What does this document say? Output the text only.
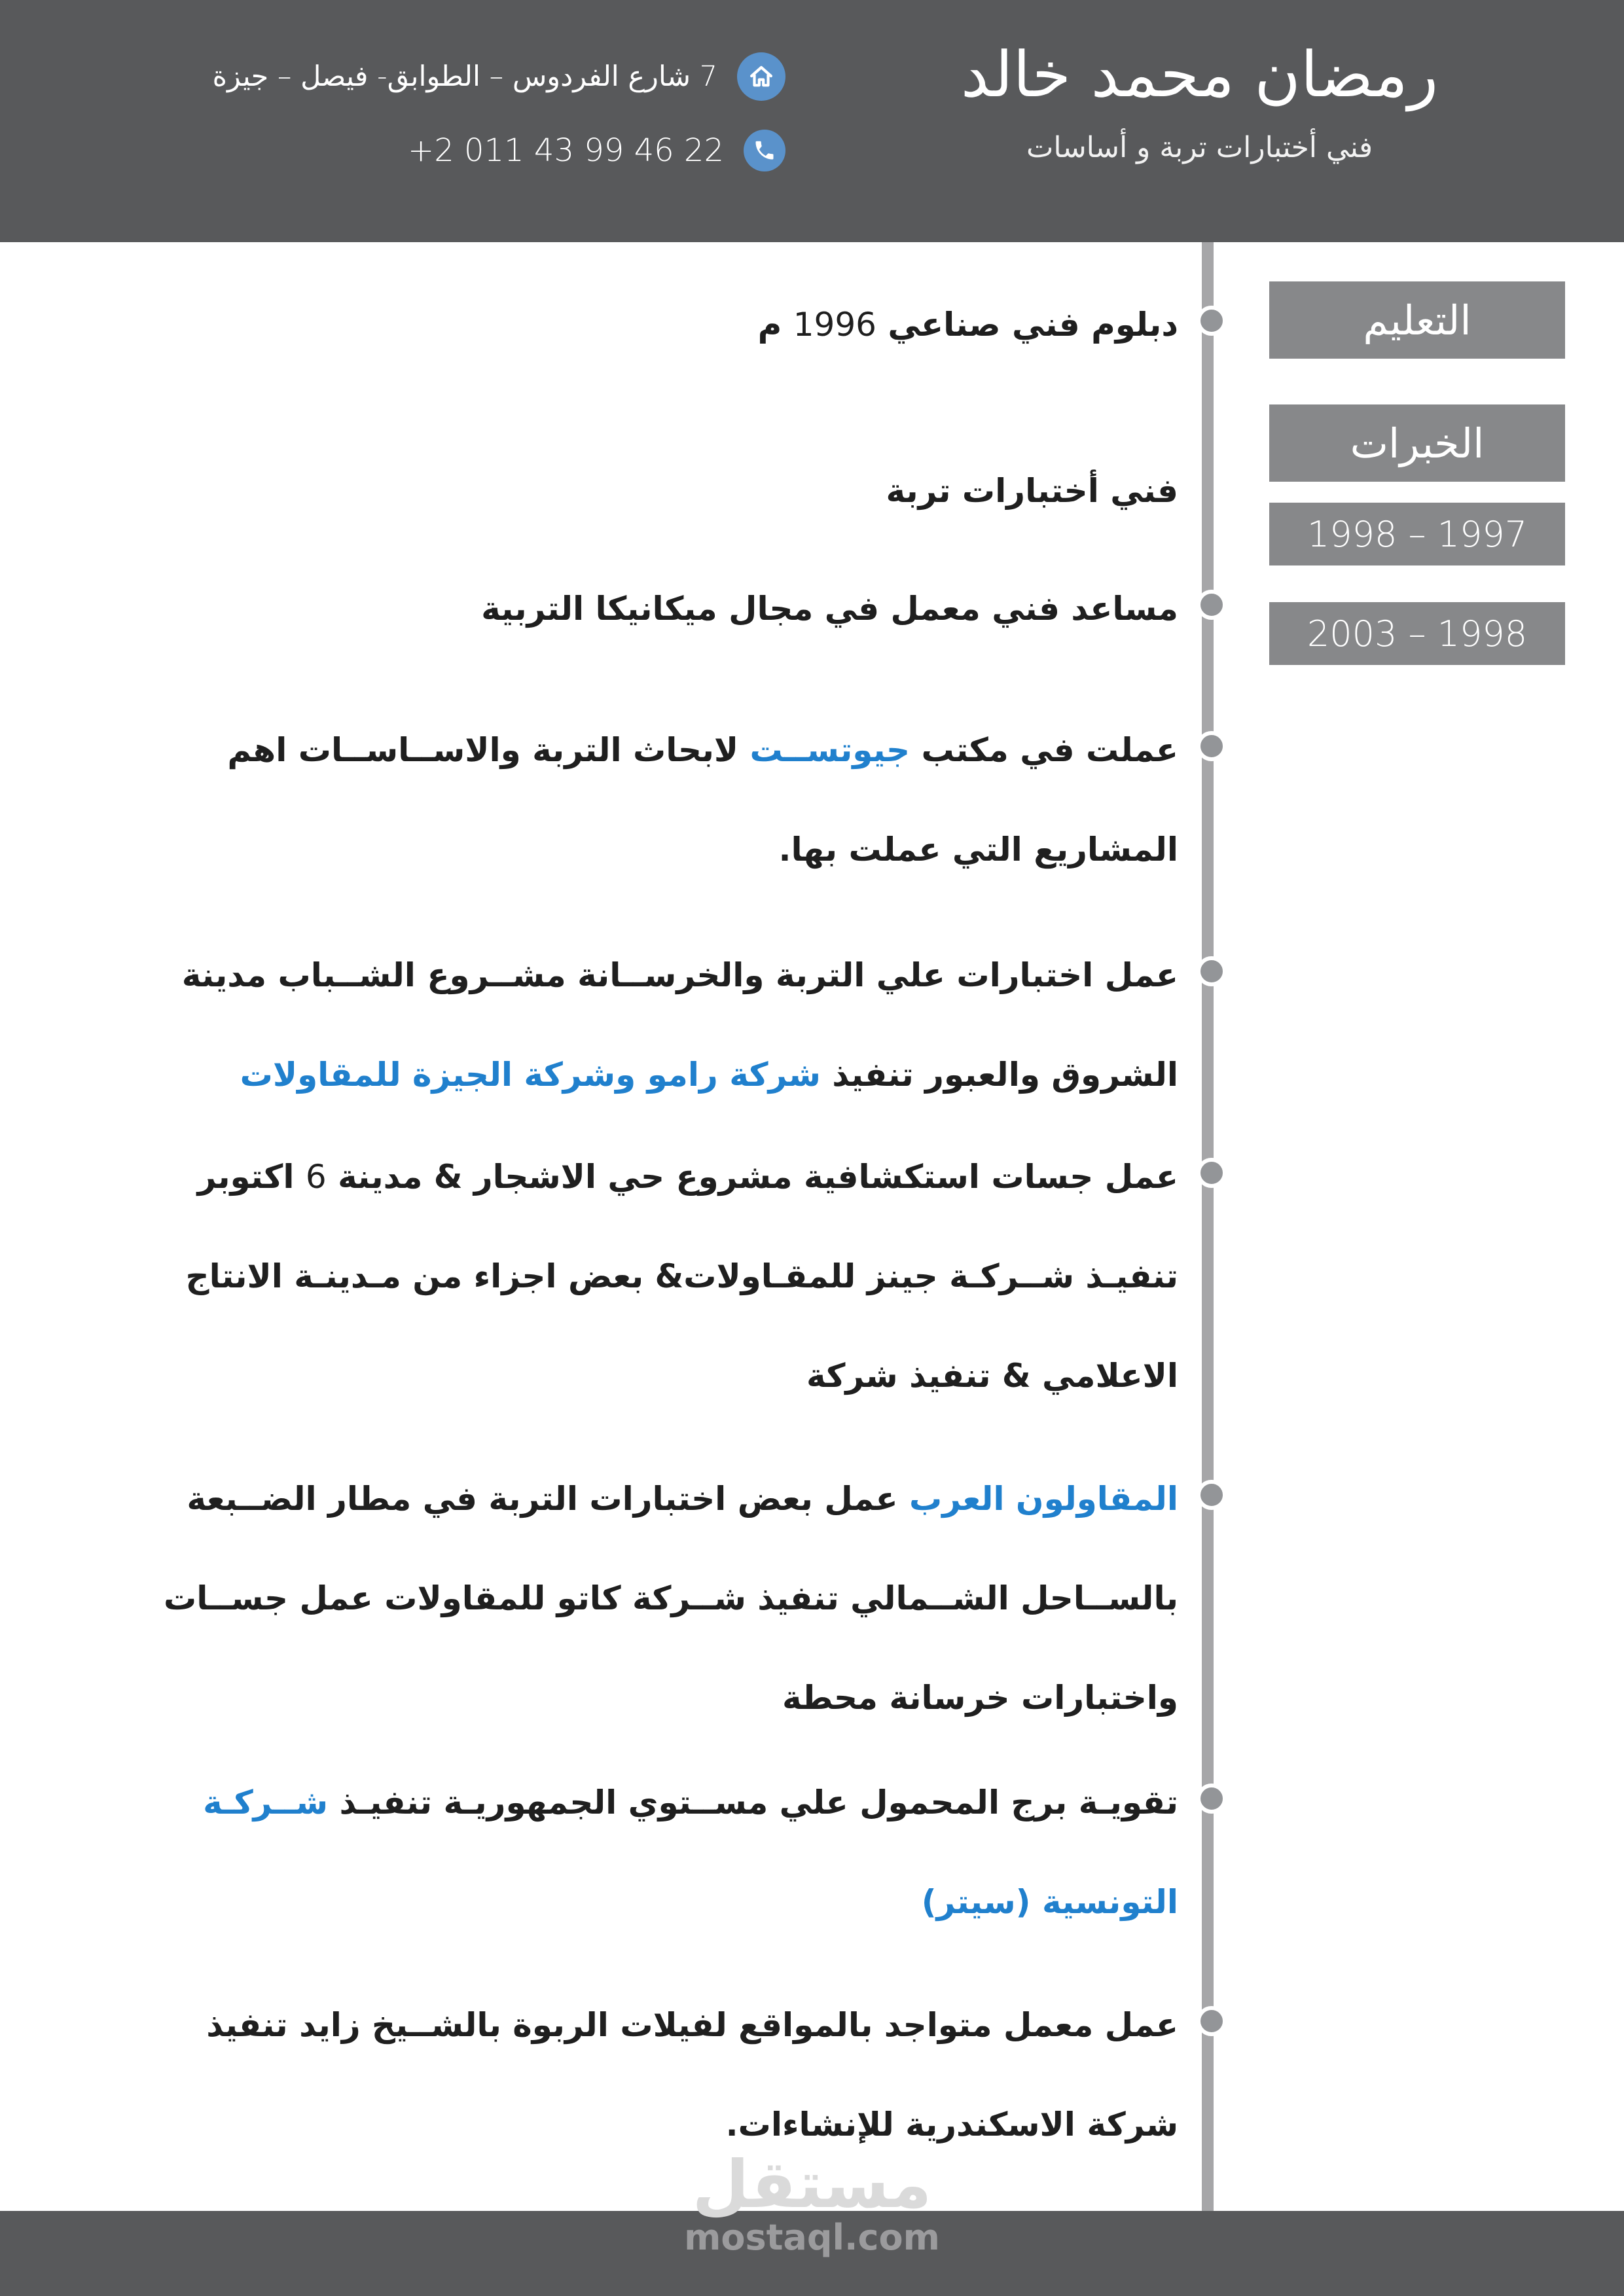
7 شارع الفردوس – الطوابق- فيصل – جيزة
+2 011 43 99 46 22
رمضان محمد خالد
فني أختبارات تربة و أساسات
التعليم
الخبرات
1997 – 1998
1998 – 2003
دبلوم فني صناعي 1996 م
فني أختبارات تربة
مساعد فني معمل في مجال ميكانيكا التربية
عملت في مكتب جيوتســت لابحاث التربة والاســاســات اهم
المشاريع التي عملت بها.
عمل اختبارات علي التربة والخرســانة مشــروع الشــباب مدينة
الشروق والعبور تنفيذ شركة رامو وشركة الجيزة للمقاولات
عمل جسات استكشافية مشروع حي الاشجار & مدينة 6 اكتوبر
تنفيـذ شــركـة جينز للمقـاولات& بعض اجزاء من مـدينـة الانتاج
الاعلامي & تنفيذ شركة
المقاولون العرب عمل بعض اختبارات التربة في مطار الضــبعة
بالســاحل الشــمالي تنفيذ شــركة كاتو للمقاولات عمل جســات
واختبارات خرسانة محطة
تقويـة برج المحمول علي مســتوي الجمهوريـة تنفيـذ شــركـة
التونسية (سيتر)
عمل معمل متواجد بالمواقع لفيلات الربوة بالشــيخ زايد تنفيذ
شركة الاسكندرية للإنشاءات.
مستقل
mostaql.com
